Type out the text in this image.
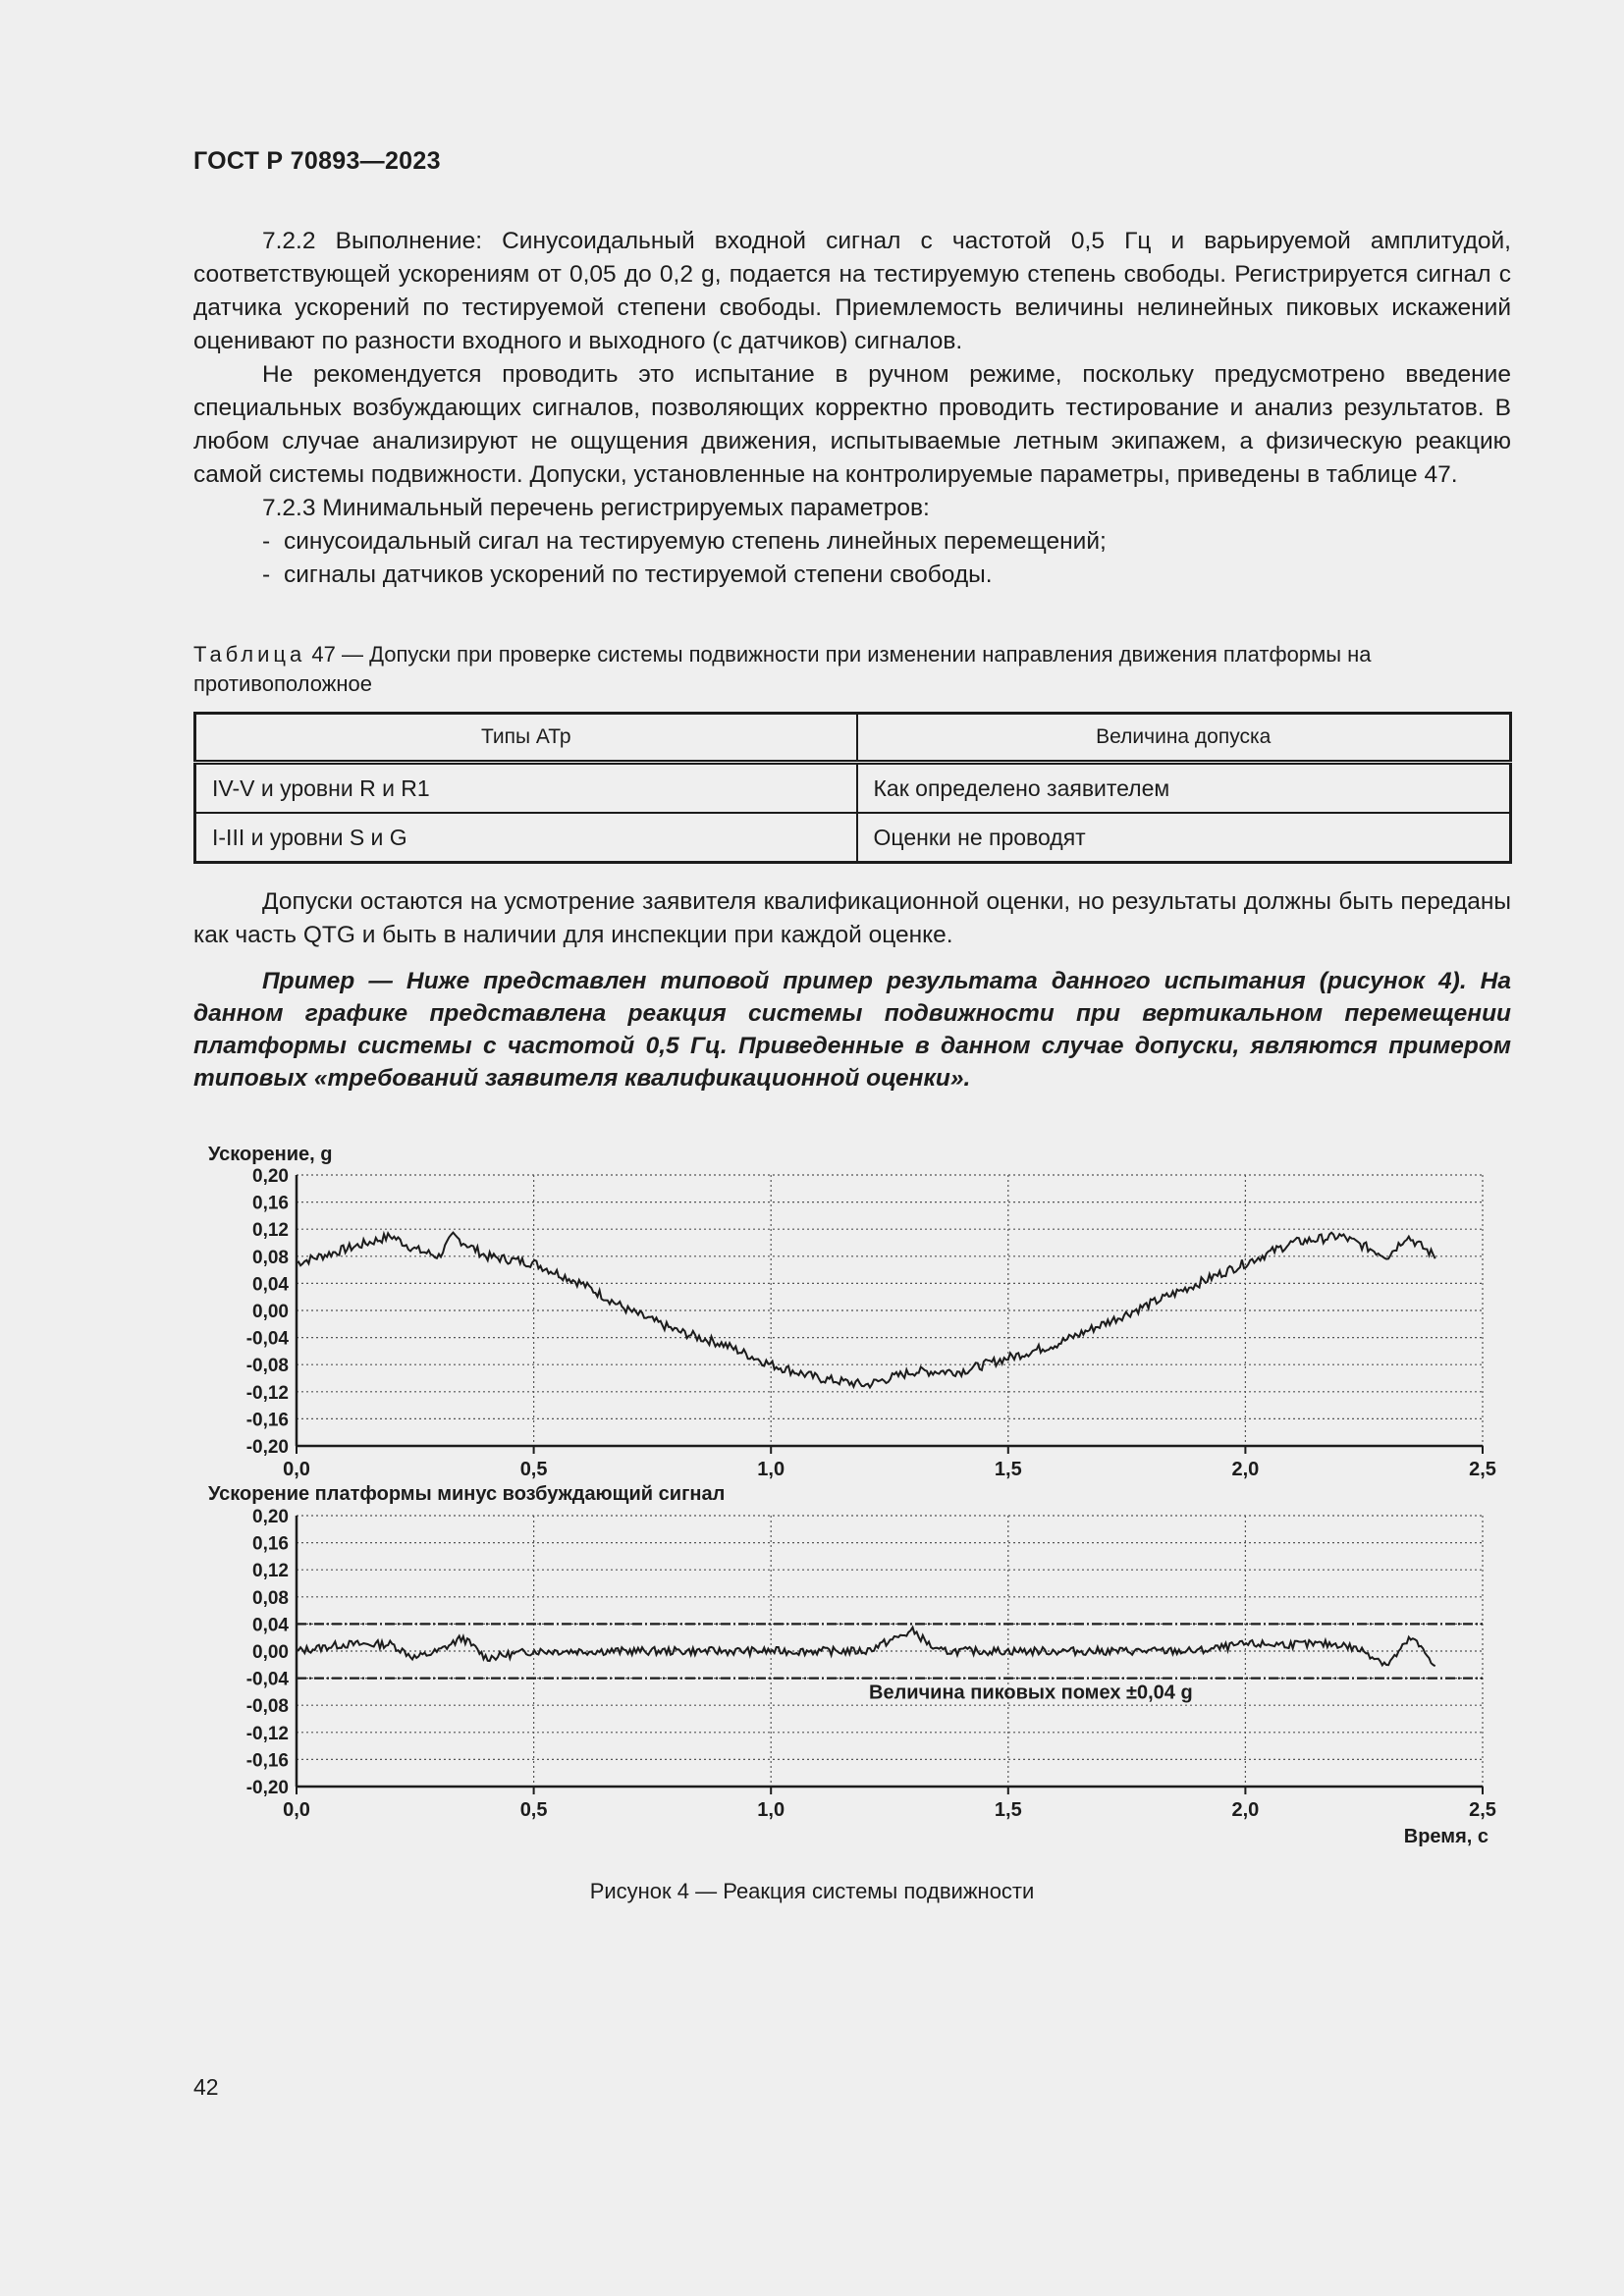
ГОСТ Р 70893—2023

7.2.2 Выполнение: Синусоидальный входной сигнал с частотой 0,5 Гц и варьируемой амплитудой, соответствующей ускорениям от 0,05 до 0,2 g, подается на тестируемую степень свободы. Регистрируется сигнал с датчика ускорений по тестируемой степени свободы. Приемлемость величины нелинейных пиковых искажений оценивают по разности входного и выходного (с датчиков) сигналов.

Не рекомендуется проводить это испытание в ручном режиме, поскольку предусмотрено введение специальных возбуждающих сигналов, позволяющих корректно проводить тестирование и анализ результатов. В любом случае анализируют не ощущения движения, испытываемые летным экипажем, а физическую реакцию самой системы подвижности. Допуски, установленные на контролируемые параметры, приведены в таблице 47.

7.2.3 Минимальный перечень регистрируемых параметров:

- синусоидальный сигал на тестируемую степень линейных перемещений;

- сигналы датчиков ускорений по тестируемой степени свободы.

Таблица 47 — Допуски при проверке системы подвижности при изменении направления движения платформы на противоположное
Типы АТр	Величина допуска
IV-V и уровни R и R1	Как определено заявителем
I-III и уровни S и G	Оценки не проводят

Допуски остаются на усмотрение заявителя квалификационной оценки, но результаты должны быть переданы как часть QTG и быть в наличии для инспекции при каждой оценке.

Пример — Ниже представлен типовой пример результата данного испытания (рисунок 4). На данном графике представлена реакция системы подвижности при вертикальном перемещении платформы системы с частотой 0,5 Гц. Приведенные в данном случае допуски, являются примером типовых «требований заявителя квалификационной оценки».

0,20
0,16
0,12
0,08
0,04
0,00
-0,04
-0,08
-0,12
-0,16
-0,20
0,0	0,5	1,0	1,5	2,0	2,5
Ускорение, g
0,20
0,16
0,12
0,08
0,04
0,00
-0,04
-0,08
-0,12
-0,16
-0,20
0,0	0,5	1,0	1,5	2,0	2,5
Ускорение платформы минус возбуждающий сигнал
Время, с
Величина пиковых помех ±0,04 g
Рисунок 4 — Реакция системы подвижности
42
